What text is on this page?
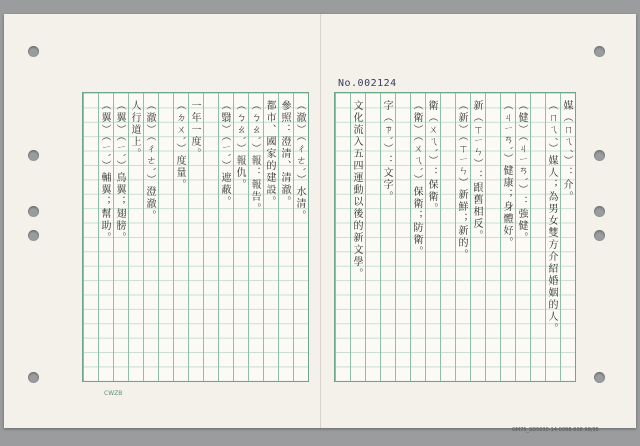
No.002124
CWZB
媒（ㄇㄟˊ）：介。
（ㄇㄟˊ）媒人；為男女雙方介紹婚姻的人。
（健）（ㄐㄧㄢˋ）：強健。
（ㄐㄧㄢˋ）健康；身體好。
新（ㄒㄧㄣ）：跟舊相反。
（新）（ㄒㄧㄣ）新鮮；新的。
衛（ㄨㄟˋ）：保衛。
（衛）（ㄨㄟˋ）保衛；防衛。
字（ㄗˋ）：文字。
文化流入五四運動以後的新文學。
（澈）（ㄔㄜˋ）水清。
參照：澄清、清澈。
都市、國家的建設。
（ㄅㄠˋ）報：報告。
（ㄅㄠˋ）報仇。
（翳）（ㄧˋ）遮蔽。
一年一度。
（ㄉㄨˋ）度量。
（澈）（ㄔㄜˋ）澄澈。
人行道上。
（翼）（ㄧˋ）鳥翼；翅膀。
（翼）（ㄧˋ）輔翼；幫助。
GM75_SD5030-14-0098-008 98/95
